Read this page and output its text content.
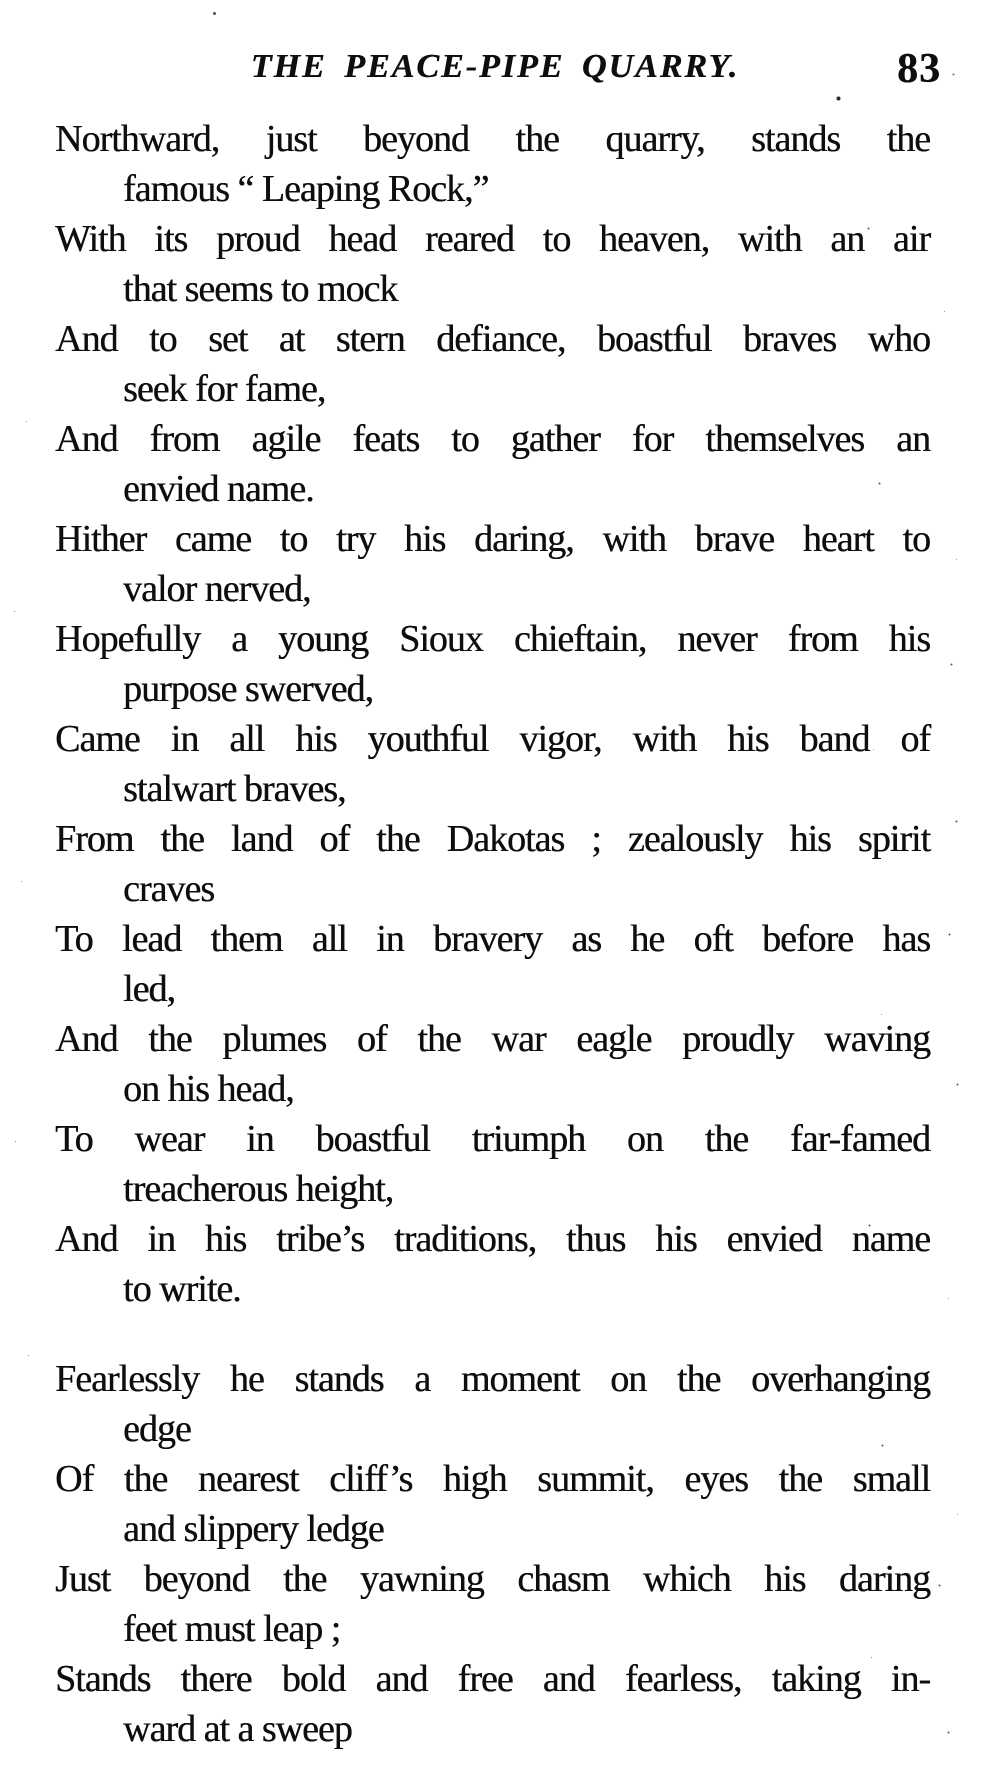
THE PEACE-PIPE QUARRY.	83
Northward, just beyond the quarry, stands the
famous “ Leaping Rock,”
With its proud head reared to heaven, with an air
that seems to mock
And to set at stern defiance, boastful braves who
seek for fame,
And from agile feats to gather for themselves an
envied name.
Hither came to try his daring, with brave heart to
valor nerved,
Hopefully a young Sioux chieftain, never from his
purpose swerved,
Came in all his youthful vigor, with his band of
stalwart braves,
From the land of the Dakotas ; zealously his spirit
craves
To lead them all in bravery as he oft before has
led,
And the plumes of the war eagle proudly waving
on his head,
To wear in boastful triumph on the far-famed
treacherous height,
And in his tribe’s traditions, thus his envied name
to write.
Fearlessly he stands a moment on the overhanging
edge
Of the nearest cliff’s high summit, eyes the small
and slippery ledge
Just beyond the yawning chasm which his daring
feet must leap ;
Stands there bold and free and fearless, taking in-
ward at a sweep
